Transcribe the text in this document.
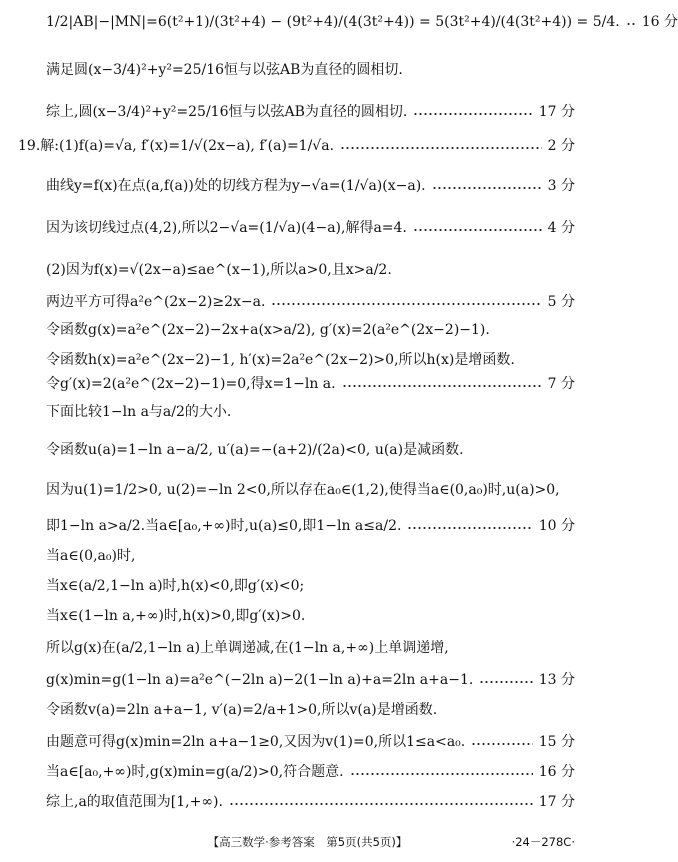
1/2|AB|−|MN|=6(t²+1)/(3t²+4) − (9t²+4)/(4(3t²+4)) = 5(3t²+4)/(4(3t²+4)) = 5/4. 16 分
满足圆(x−3/4)²+y²=25/16恒与以弦AB为直径的圆相切.
综上,圆(x−3/4)²+y²=25/16恒与以弦AB为直径的圆相切.	17 分
19.解:(1)f(a)=√a, f′(x)=1/√(2x−a), f′(a)=1/√a.	2 分
曲线y=f(x)在点(a,f(a))处的切线方程为y−√a=(1/√a)(x−a).	3 分
因为该切线过点(4,2),所以2−√a=(1/√a)(4−a),解得a=4.	4 分
(2)因为f(x)=√(2x−a)≤ae^(x−1),所以a>0,且x>a/2.
两边平方可得a²e^(2x−2)≥2x−a.	5 分
令函数g(x)=a²e^(2x−2)−2x+a(x>a/2), g′(x)=2(a²e^(2x−2)−1).
令函数h(x)=a²e^(2x−2)−1, h′(x)=2a²e^(2x−2)>0,所以h(x)是增函数.
令g′(x)=2(a²e^(2x−2)−1)=0,得x=1−ln a.	7 分
下面比较1−ln a与a/2的大小.
令函数u(a)=1−ln a−a/2, u′(a)=−(a+2)/(2a)<0, u(a)是减函数.
因为u(1)=1/2>0, u(2)=−ln 2<0,所以存在a₀∈(1,2),使得当a∈(0,a₀)时,u(a)>0,
即1−ln a>a/2.当a∈[a₀,+∞)时,u(a)≤0,即1−ln a≤a/2.	10 分
当a∈(0,a₀)时,
当x∈(a/2,1−ln a)时,h(x)<0,即g′(x)<0;
当x∈(1−ln a,+∞)时,h(x)>0,即g′(x)>0.
所以g(x)在(a/2,1−ln a)上单调递减,在(1−ln a,+∞)上单调递增,
g(x)min=g(1−ln a)=a²e^(−2ln a)−2(1−ln a)+a=2ln a+a−1.	13 分
令函数v(a)=2ln a+a−1, v′(a)=2/a+1>0,所以v(a)是增函数.
由题意可得g(x)min=2ln a+a−1≥0,又因为v(1)=0,所以1≤a<a₀.	15 分
当a∈[a₀,+∞)时,g(x)min=g(a/2)>0,符合题意.	16 分
综上,a的取值范围为[1,+∞).	17 分
【高三数学·参考答案　第5页(共5页)】	·24－278C·
